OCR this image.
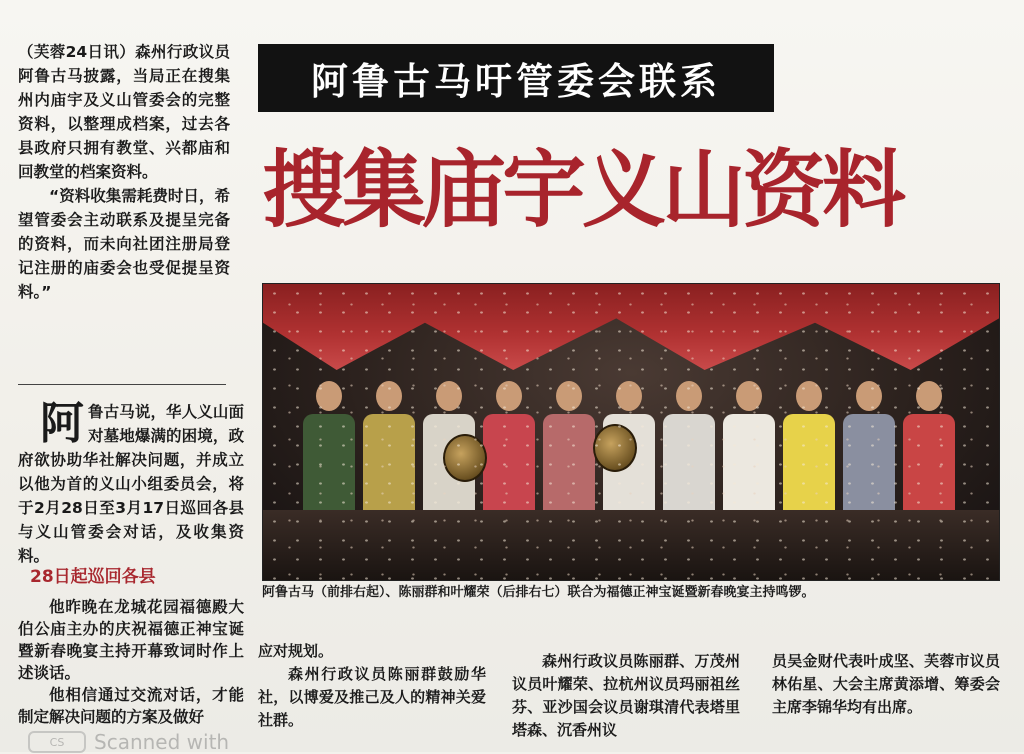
（芙蓉24日讯）森州行政议员阿鲁古马披露，当局正在搜集州内庙宇及义山管委会的完整资料，以整理成档案，过去各县政府只拥有教堂、兴都庙和回教堂的档案资料。

“资料收集需耗费时日，希望管委会主动联系及提呈完备的资料，而未向社团注册局登记注册的庙委会也受促提呈资料。”

阿 鲁古马说，华人义山面对墓地爆满的困境，政府欲协助华社解决问题，并成立以他为首的义山小组委员会，将于2月28日至3月17日巡回各县与义山管委会对话，及收集资料。
28日起巡回各县

他昨晚在龙城花园福德殿大伯公庙主办的庆祝福德正神宝诞暨新春晚宴主持开幕致词时作上述谈话。

他相信通过交流对话，才能制定解决问题的方案及做好

阿鲁古马吁管委会联系
搜集庙宇义山资料
阿鲁古马（前排右起）、陈丽群和叶耀荣（后排右七）联合为福德正神宝诞暨新春晚宴主持鸣锣。

应对规划。

森州行政议员陈丽群鼓励华社，以博爱及推己及人的精神关爱社群。

森州行政议员陈丽群、万茂州议员叶耀荣、拉杭州议员玛丽祖丝芬、亚沙国会议员谢琪清代表塔里塔森、沉香州议

员吴金财代表叶成坚、芙蓉市议员林佑星、大会主席黄添增、筹委会主席李锦华均有出席。

CS	Scanned with
